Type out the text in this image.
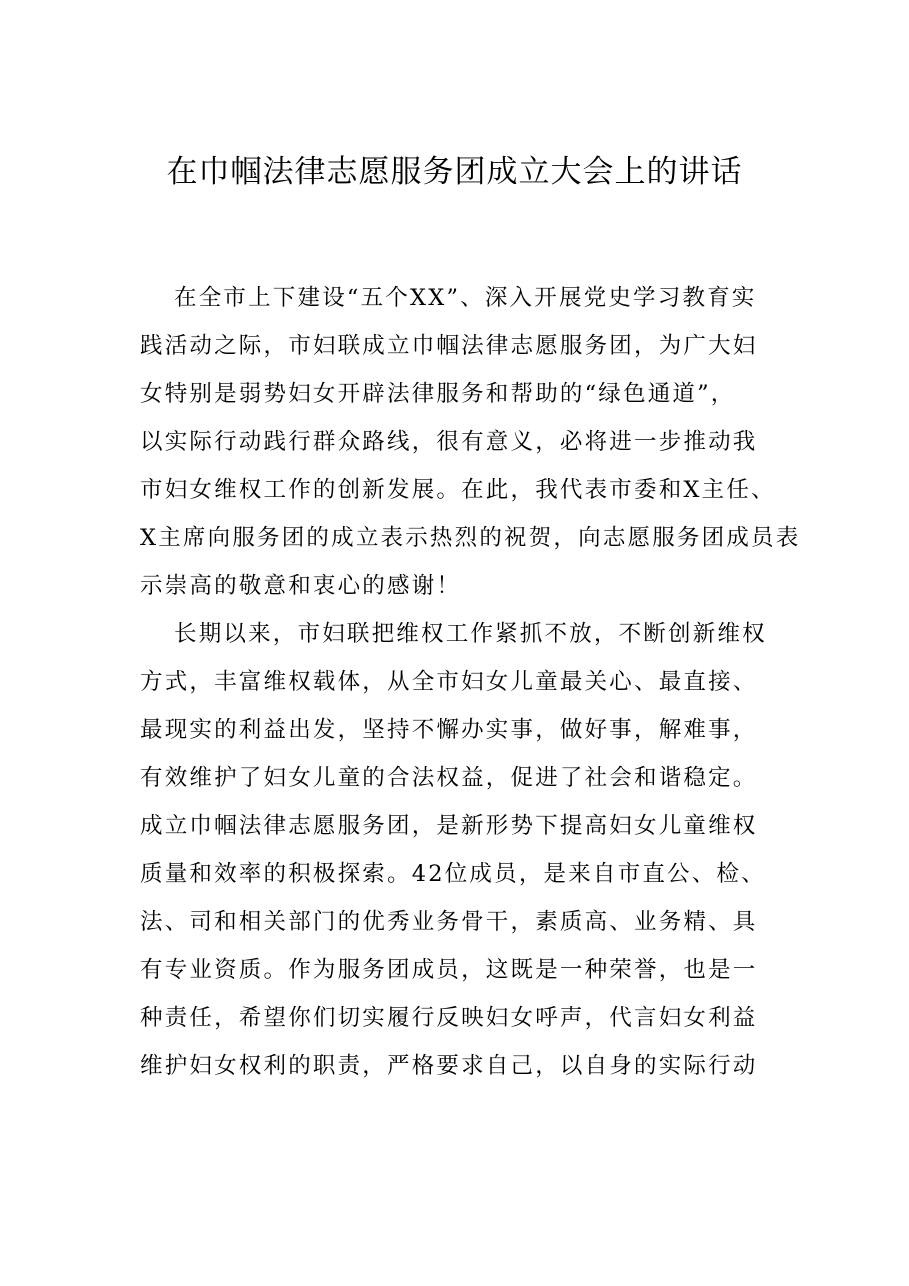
在巾帼法律志愿服务团成立大会上的讲话
在全市上下建设“五个XX”、深入开展党史学习教育实
践活动之际，市妇联成立巾帼法律志愿服务团，为广大妇
女特别是弱势妇女开辟法律服务和帮助的“绿色通道”，
以实际行动践行群众路线，很有意义，必将进一步推动我
市妇女维权工作的创新发展。在此，我代表市委和X主任、
X主席向服务团的成立表示热烈的祝贺，向志愿服务团成员表
示崇高的敬意和衷心的感谢！
长期以来，市妇联把维权工作紧抓不放，不断创新维权
方式，丰富维权载体，从全市妇女儿童最关心、最直接、
最现实的利益出发，坚持不懈办实事，做好事，解难事，
有效维护了妇女儿童的合法权益，促进了社会和谐稳定。
成立巾帼法律志愿服务团，是新形势下提高妇女儿童维权
质量和效率的积极探索。42位成员，是来自市直公、检、
法、司和相关部门的优秀业务骨干，素质高、业务精、具
有专业资质。作为服务团成员，这既是一种荣誉，也是一
种责任，希望你们切实履行反映妇女呼声，代言妇女利益
维护妇女权利的职责，严格要求自己，以自身的实际行动
